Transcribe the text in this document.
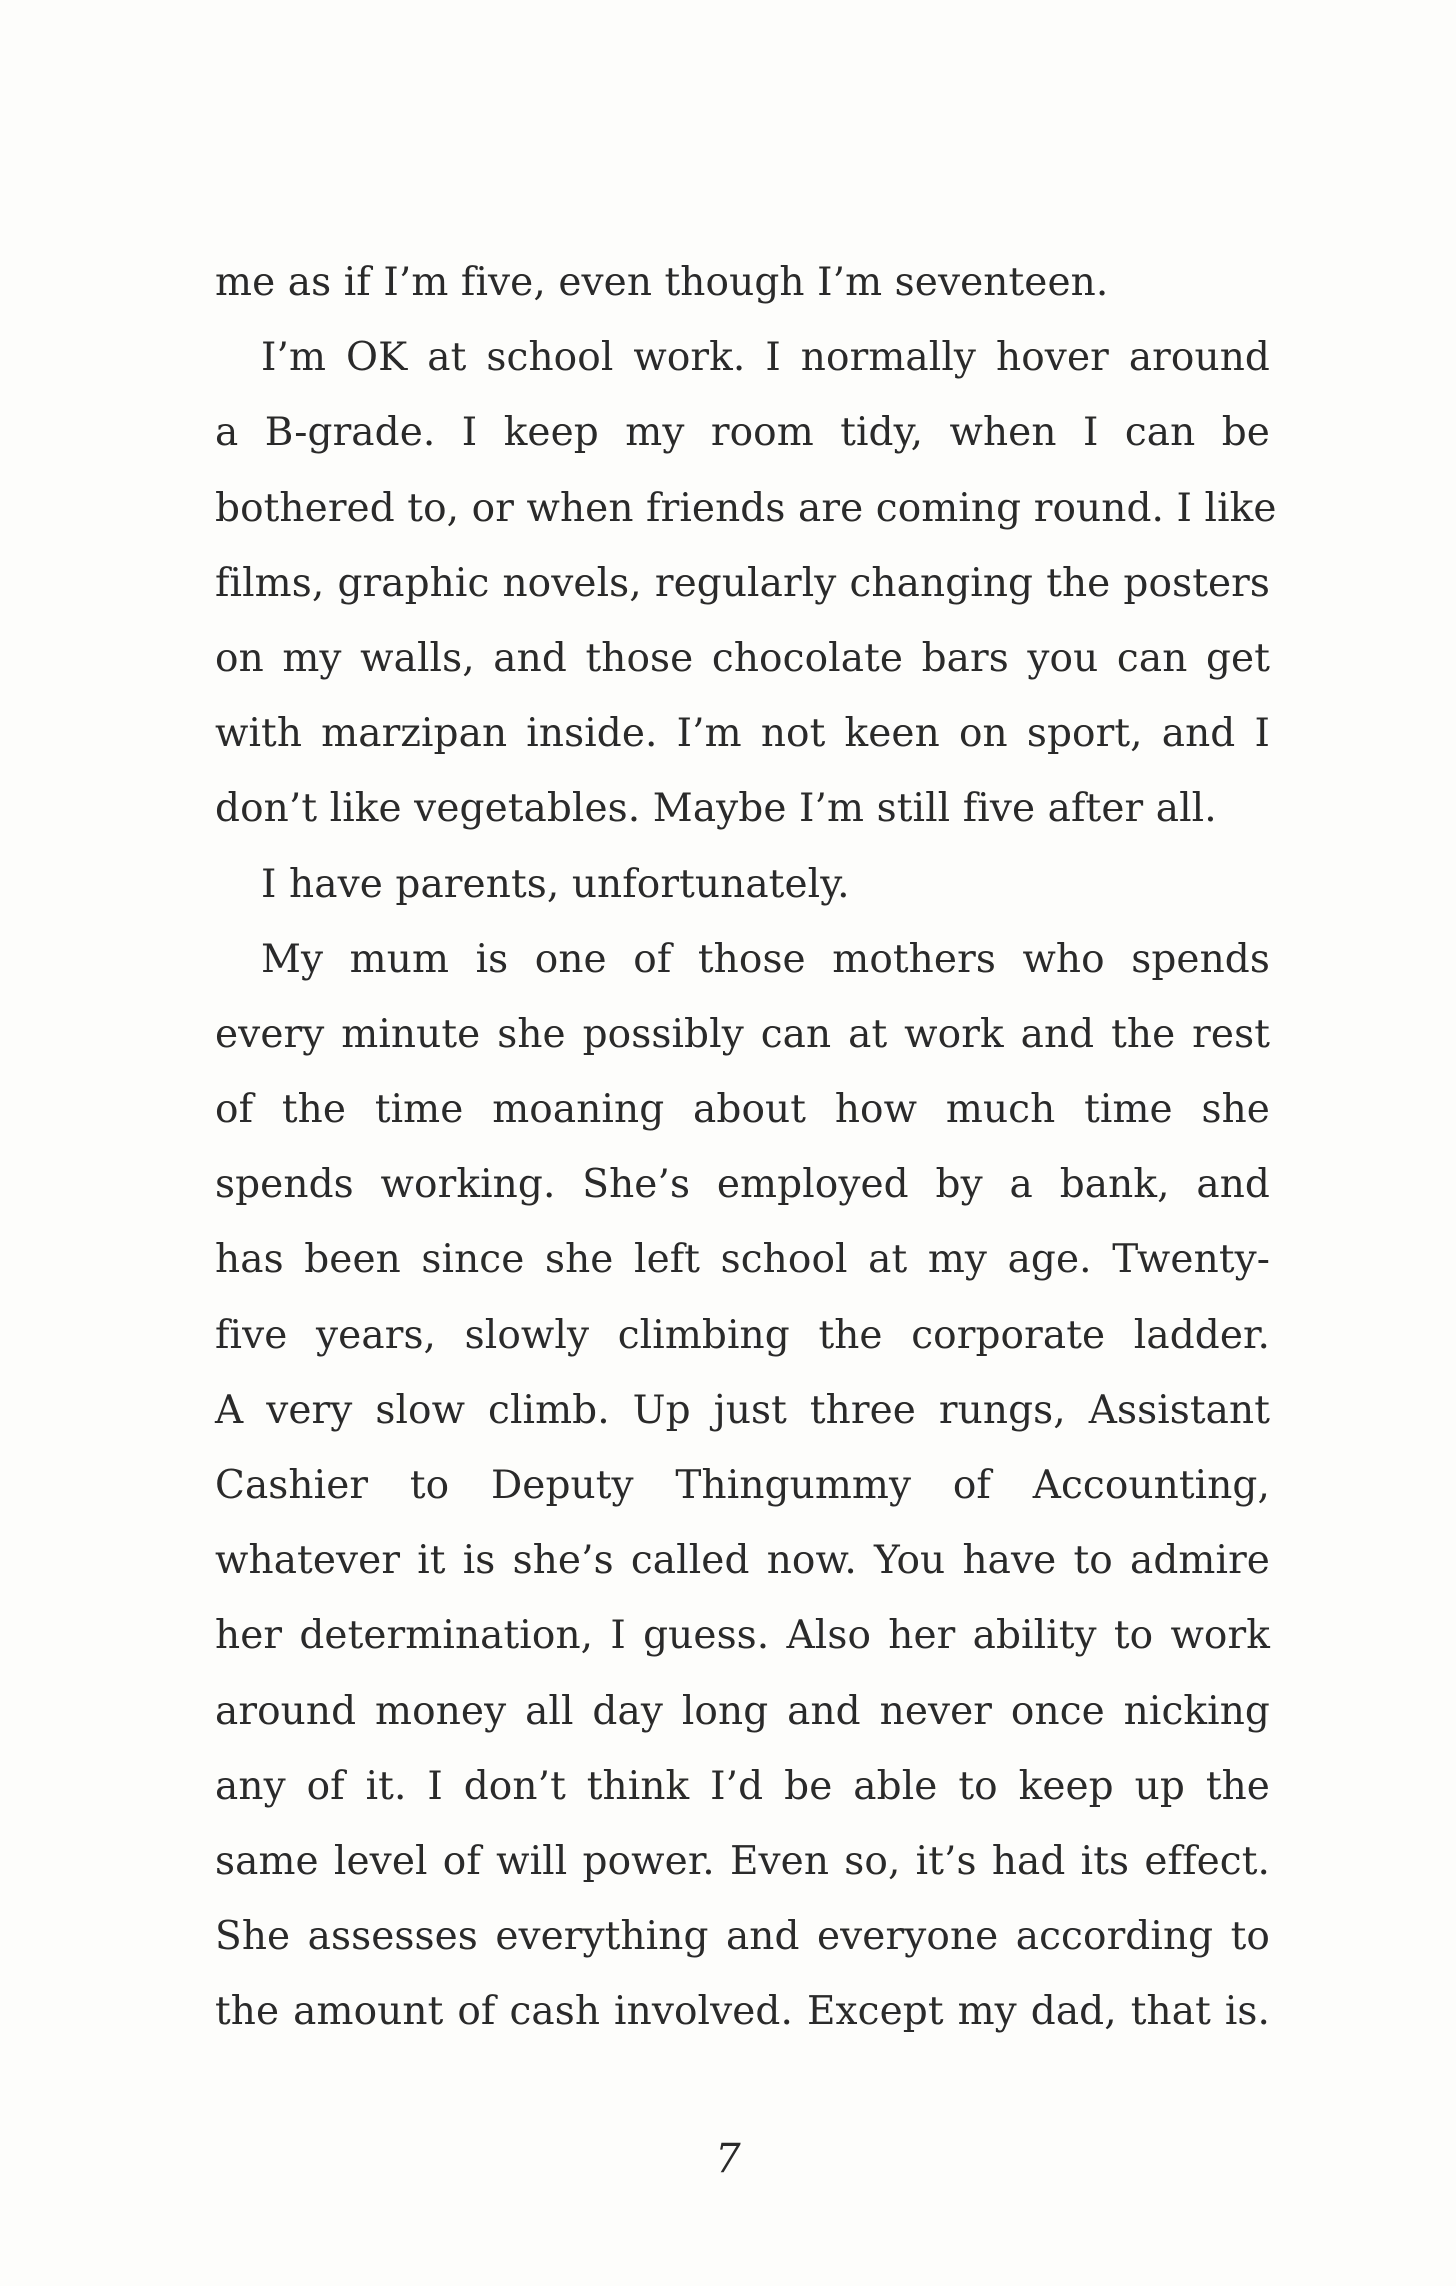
me as if I’m five, even though I’m seventeen.
I’m OK at school work. I normally hover around
a B-grade. I keep my room tidy, when I can be
bothered to, or when friends are coming round. I like
films, graphic novels, regularly changing the posters
on my walls, and those chocolate bars you can get
with marzipan inside. I’m not keen on sport, and I
don’t like vegetables. Maybe I’m still five after all.
I have parents, unfortunately.
My mum is one of those mothers who spends
every minute she possibly can at work and the rest
of the time moaning about how much time she
spends working. She’s employed by a bank, and
has been since she left school at my age. Twenty-
five years, slowly climbing the corporate ladder.
A very slow climb. Up just three rungs, Assistant
Cashier to Deputy Thingummy of Accounting,
whatever it is she’s called now. You have to admire
her determination, I guess. Also her ability to work
around money all day long and never once nicking
any of it. I don’t think I’d be able to keep up the
same level of will power. Even so, it’s had its effect.
She assesses everything and everyone according to
the amount of cash involved. Except my dad, that is.
7
